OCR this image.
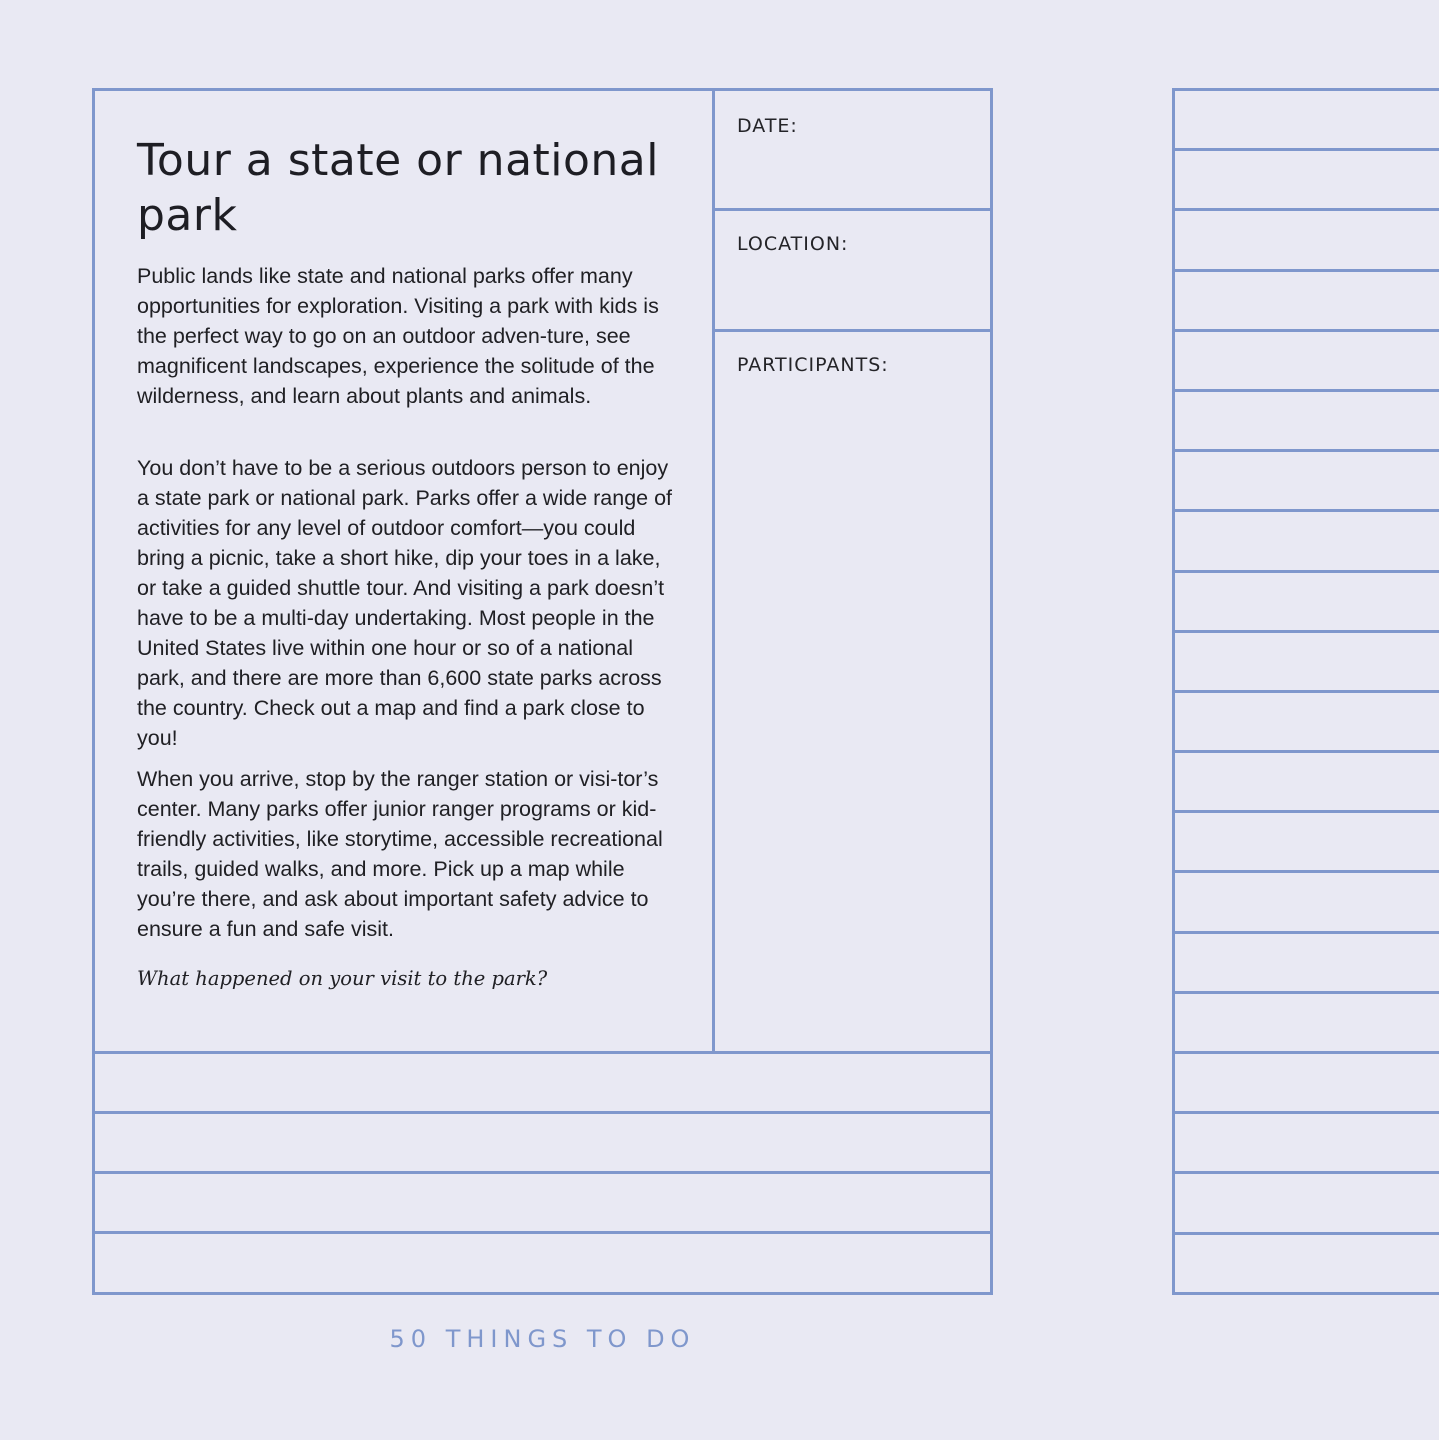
Tour a state or national park

Public lands like state and national parks offer many opportunities for exploration. Visiting a park with kids is the perfect way to go on an outdoor adven-ture, see magnificent landscapes, experience the solitude of the wilderness, and learn about plants and animals.

You don’t have to be a serious outdoors person to enjoy a state park or national park. Parks offer a wide range of activities for any level of outdoor comfort—you could bring a picnic, take a short hike, dip your toes in a lake, or take a guided shuttle tour. And visiting a park doesn’t have to be a multi-day undertaking. Most people in the United States live within one hour or so of a national park, and there are more than 6,600 state parks across the country. Check out a map and find a park close to you!

When you arrive, stop by the ranger station or visi-tor’s center. Many parks offer junior ranger programs or kid-friendly activities, like storytime, accessible recreational trails, guided walks, and more. Pick up a map while you’re there, and ask about important safety advice to ensure a fun and safe visit.

What happened on your visit to the park?

DATE:
LOCATION:
PARTICIPANTS:
50 THINGS TO DO
